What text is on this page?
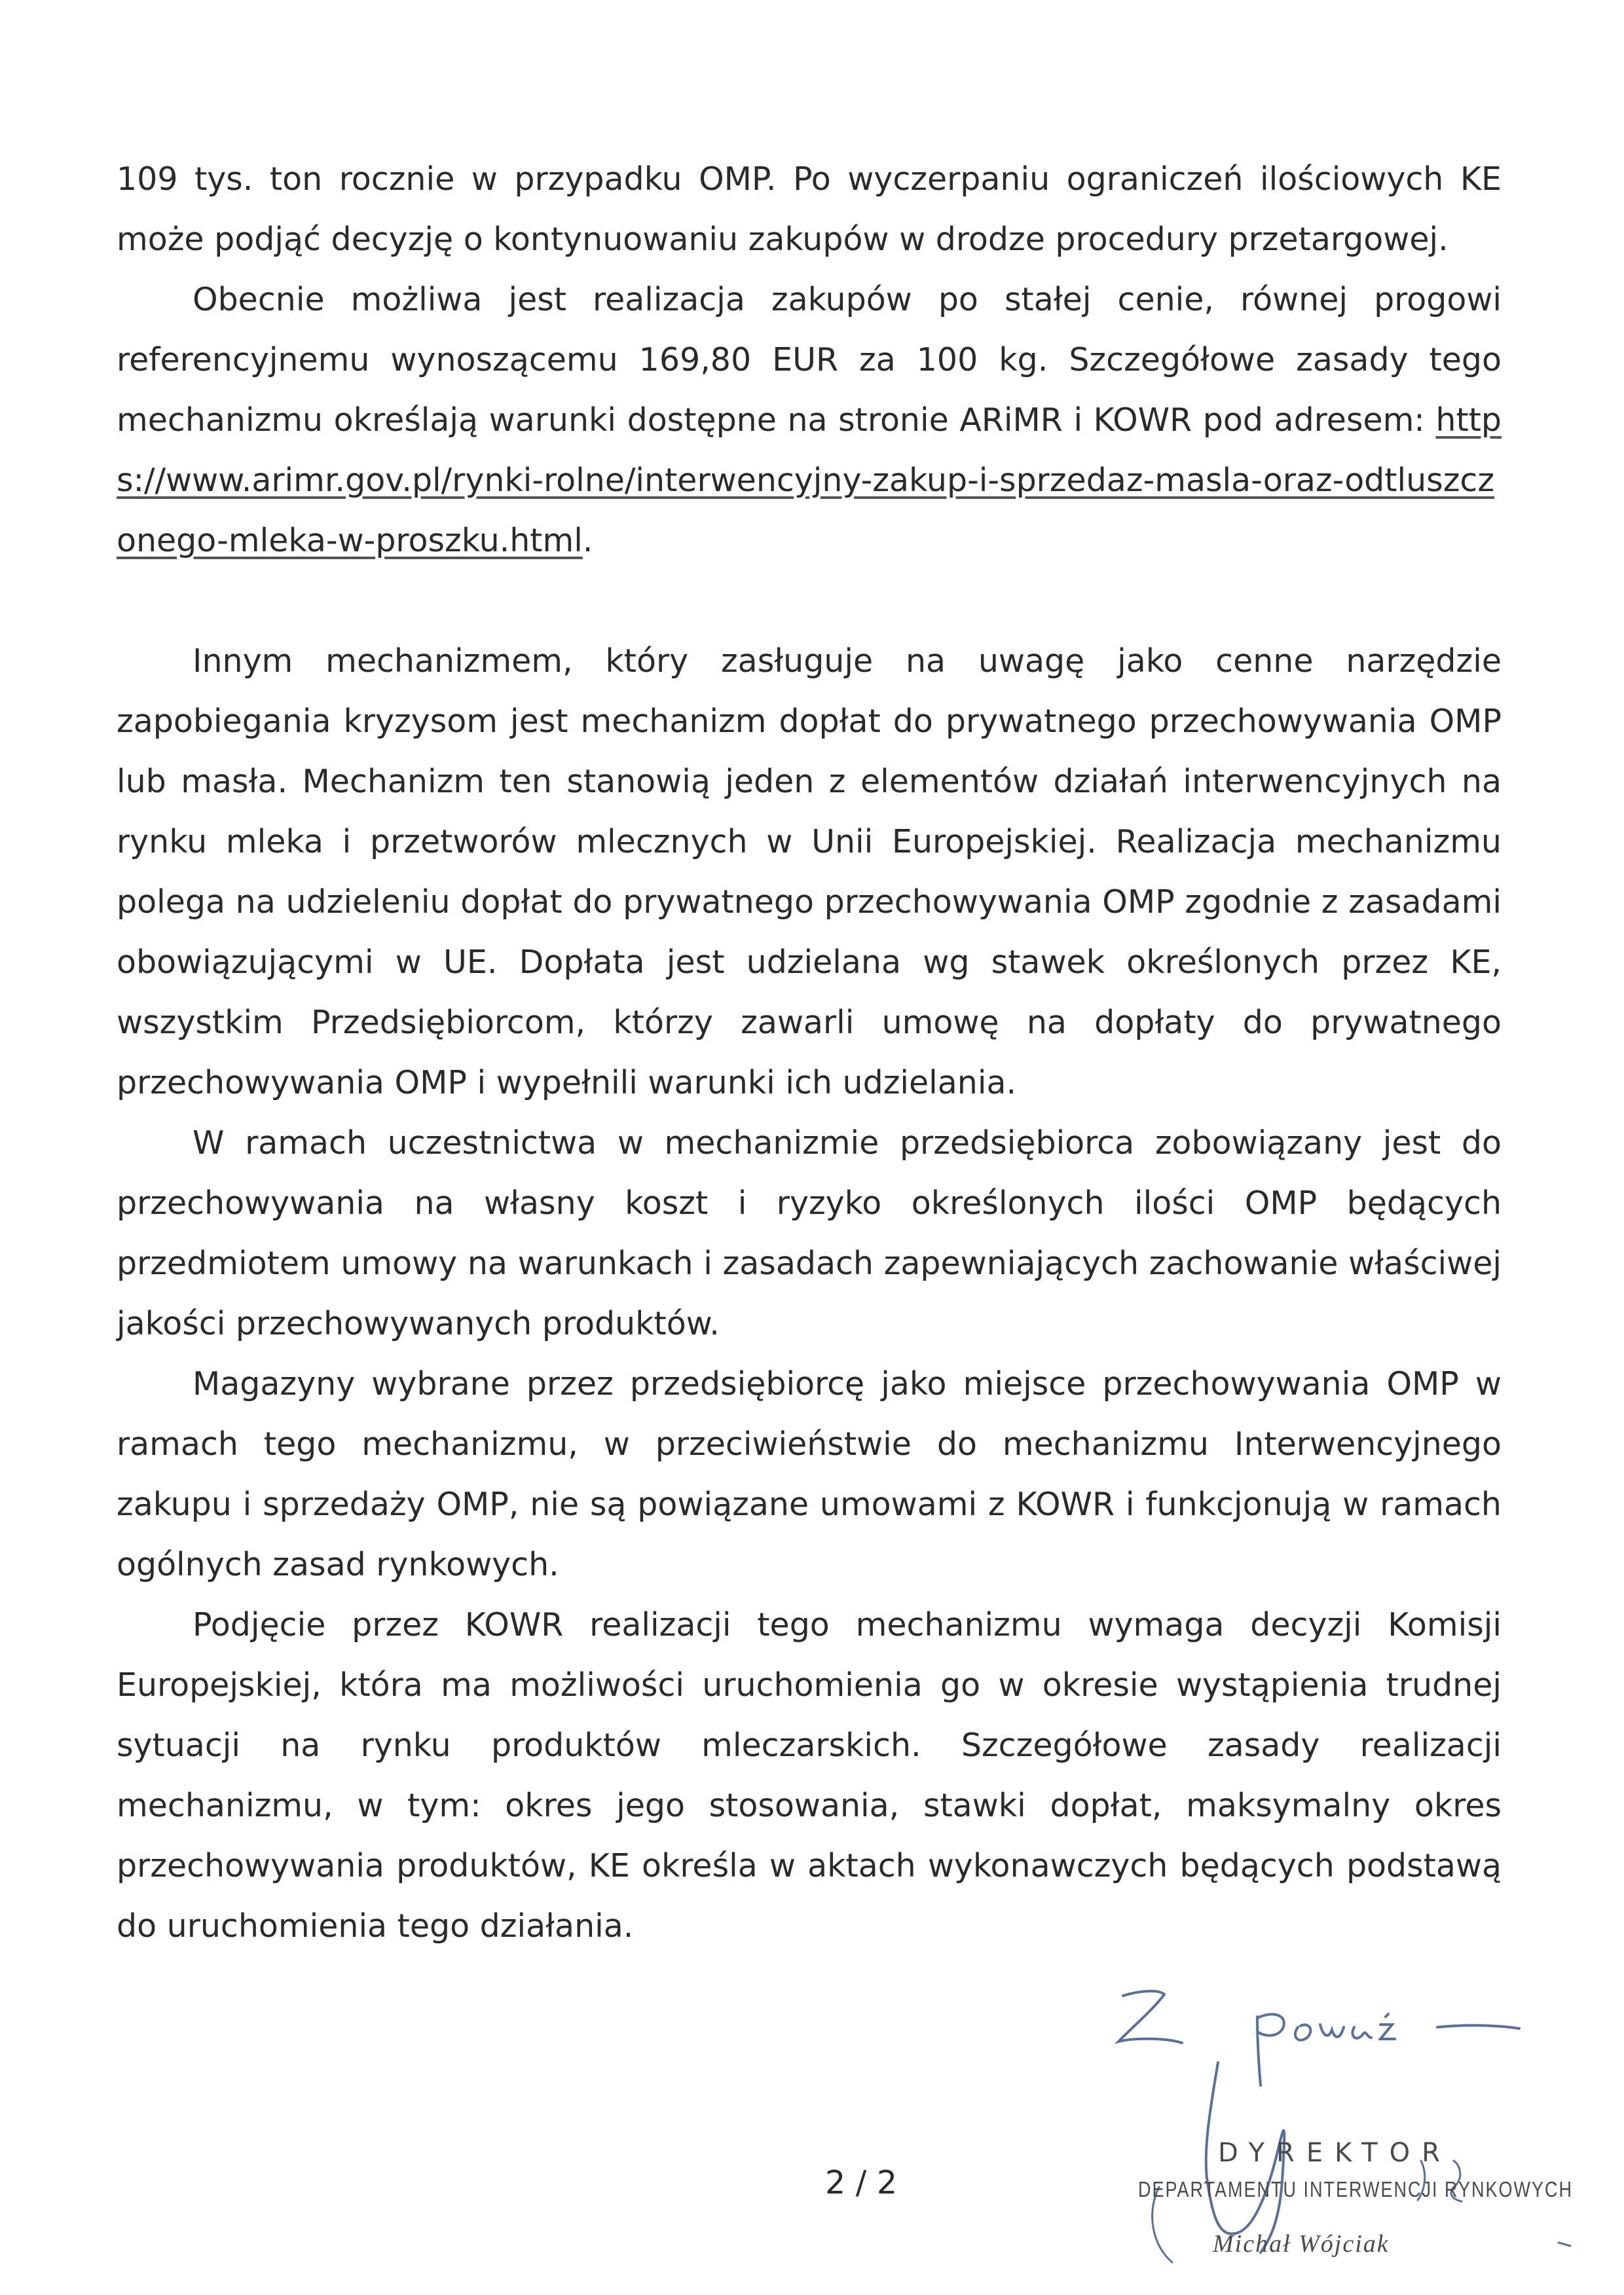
109 tys. ton rocznie w przypadku OMP. Po wyczerpaniu ograniczeń ilościowych KE może podjąć decyzję o kontynuowaniu zakupów w drodze procedury przetargowej.

Obecnie możliwa jest realizacja zakupów po stałej cenie, równej progowi referencyjnemu wynoszącemu 169,80 EUR za 100 kg. Szczegółowe zasady tego mechanizmu określają warunki dostępne na stronie ARiMR i KOWR pod adresem: https://www.arimr.gov.pl/rynki-rolne/interwencyjny-zakup-i-sprzedaz-masla-oraz-odtluszczonego-mleka-w-proszku.html.

Innym mechanizmem, który zasługuje na uwagę jako cenne narzędzie zapobiegania kryzysom jest mechanizm dopłat do prywatnego przechowywania OMP lub masła. Mechanizm ten stanowią jeden z elementów działań interwencyjnych na rynku mleka i przetworów mlecznych w Unii Europejskiej. Realizacja mechanizmu polega na udzieleniu dopłat do prywatnego przechowywania OMP zgodnie z zasadami obowiązującymi w UE. Dopłata jest udzielana wg stawek określonych przez KE, wszystkim Przedsiębiorcom, którzy zawarli umowę na dopłaty do prywatnego przechowywania OMP i wypełnili warunki ich udzielania.

W ramach uczestnictwa w mechanizmie przedsiębiorca zobowiązany jest do przechowywania na własny koszt i ryzyko określonych ilości OMP będących przedmiotem umowy na warunkach i zasadach zapewniających zachowanie właściwej jakości przechowywanych produktów.

Magazyny wybrane przez przedsiębiorcę jako miejsce przechowywania OMP w ramach tego mechanizmu, w przeciwieństwie do mechanizmu Interwencyjnego zakupu i sprzedaży OMP, nie są powiązane umowami z KOWR i funkcjonują w ramach ogólnych zasad rynkowych.

Podjęcie przez KOWR realizacji tego mechanizmu wymaga decyzji Komisji Europejskiej, która ma możliwości uruchomienia go w okresie wystąpienia trudnej sytuacji na rynku produktów mleczarskich. Szczegółowe zasady realizacji mechanizmu, w tym: okres jego stosowania, stawki dopłat, maksymalny okres przechowywania produktów, KE określa w aktach wykonawczych będących podstawą do uruchomienia tego działania.

2 / 2
DYREKTOR
DEPARTAMENTU INTERWENCJI RYNKOWYCH
Michał Wójciak
